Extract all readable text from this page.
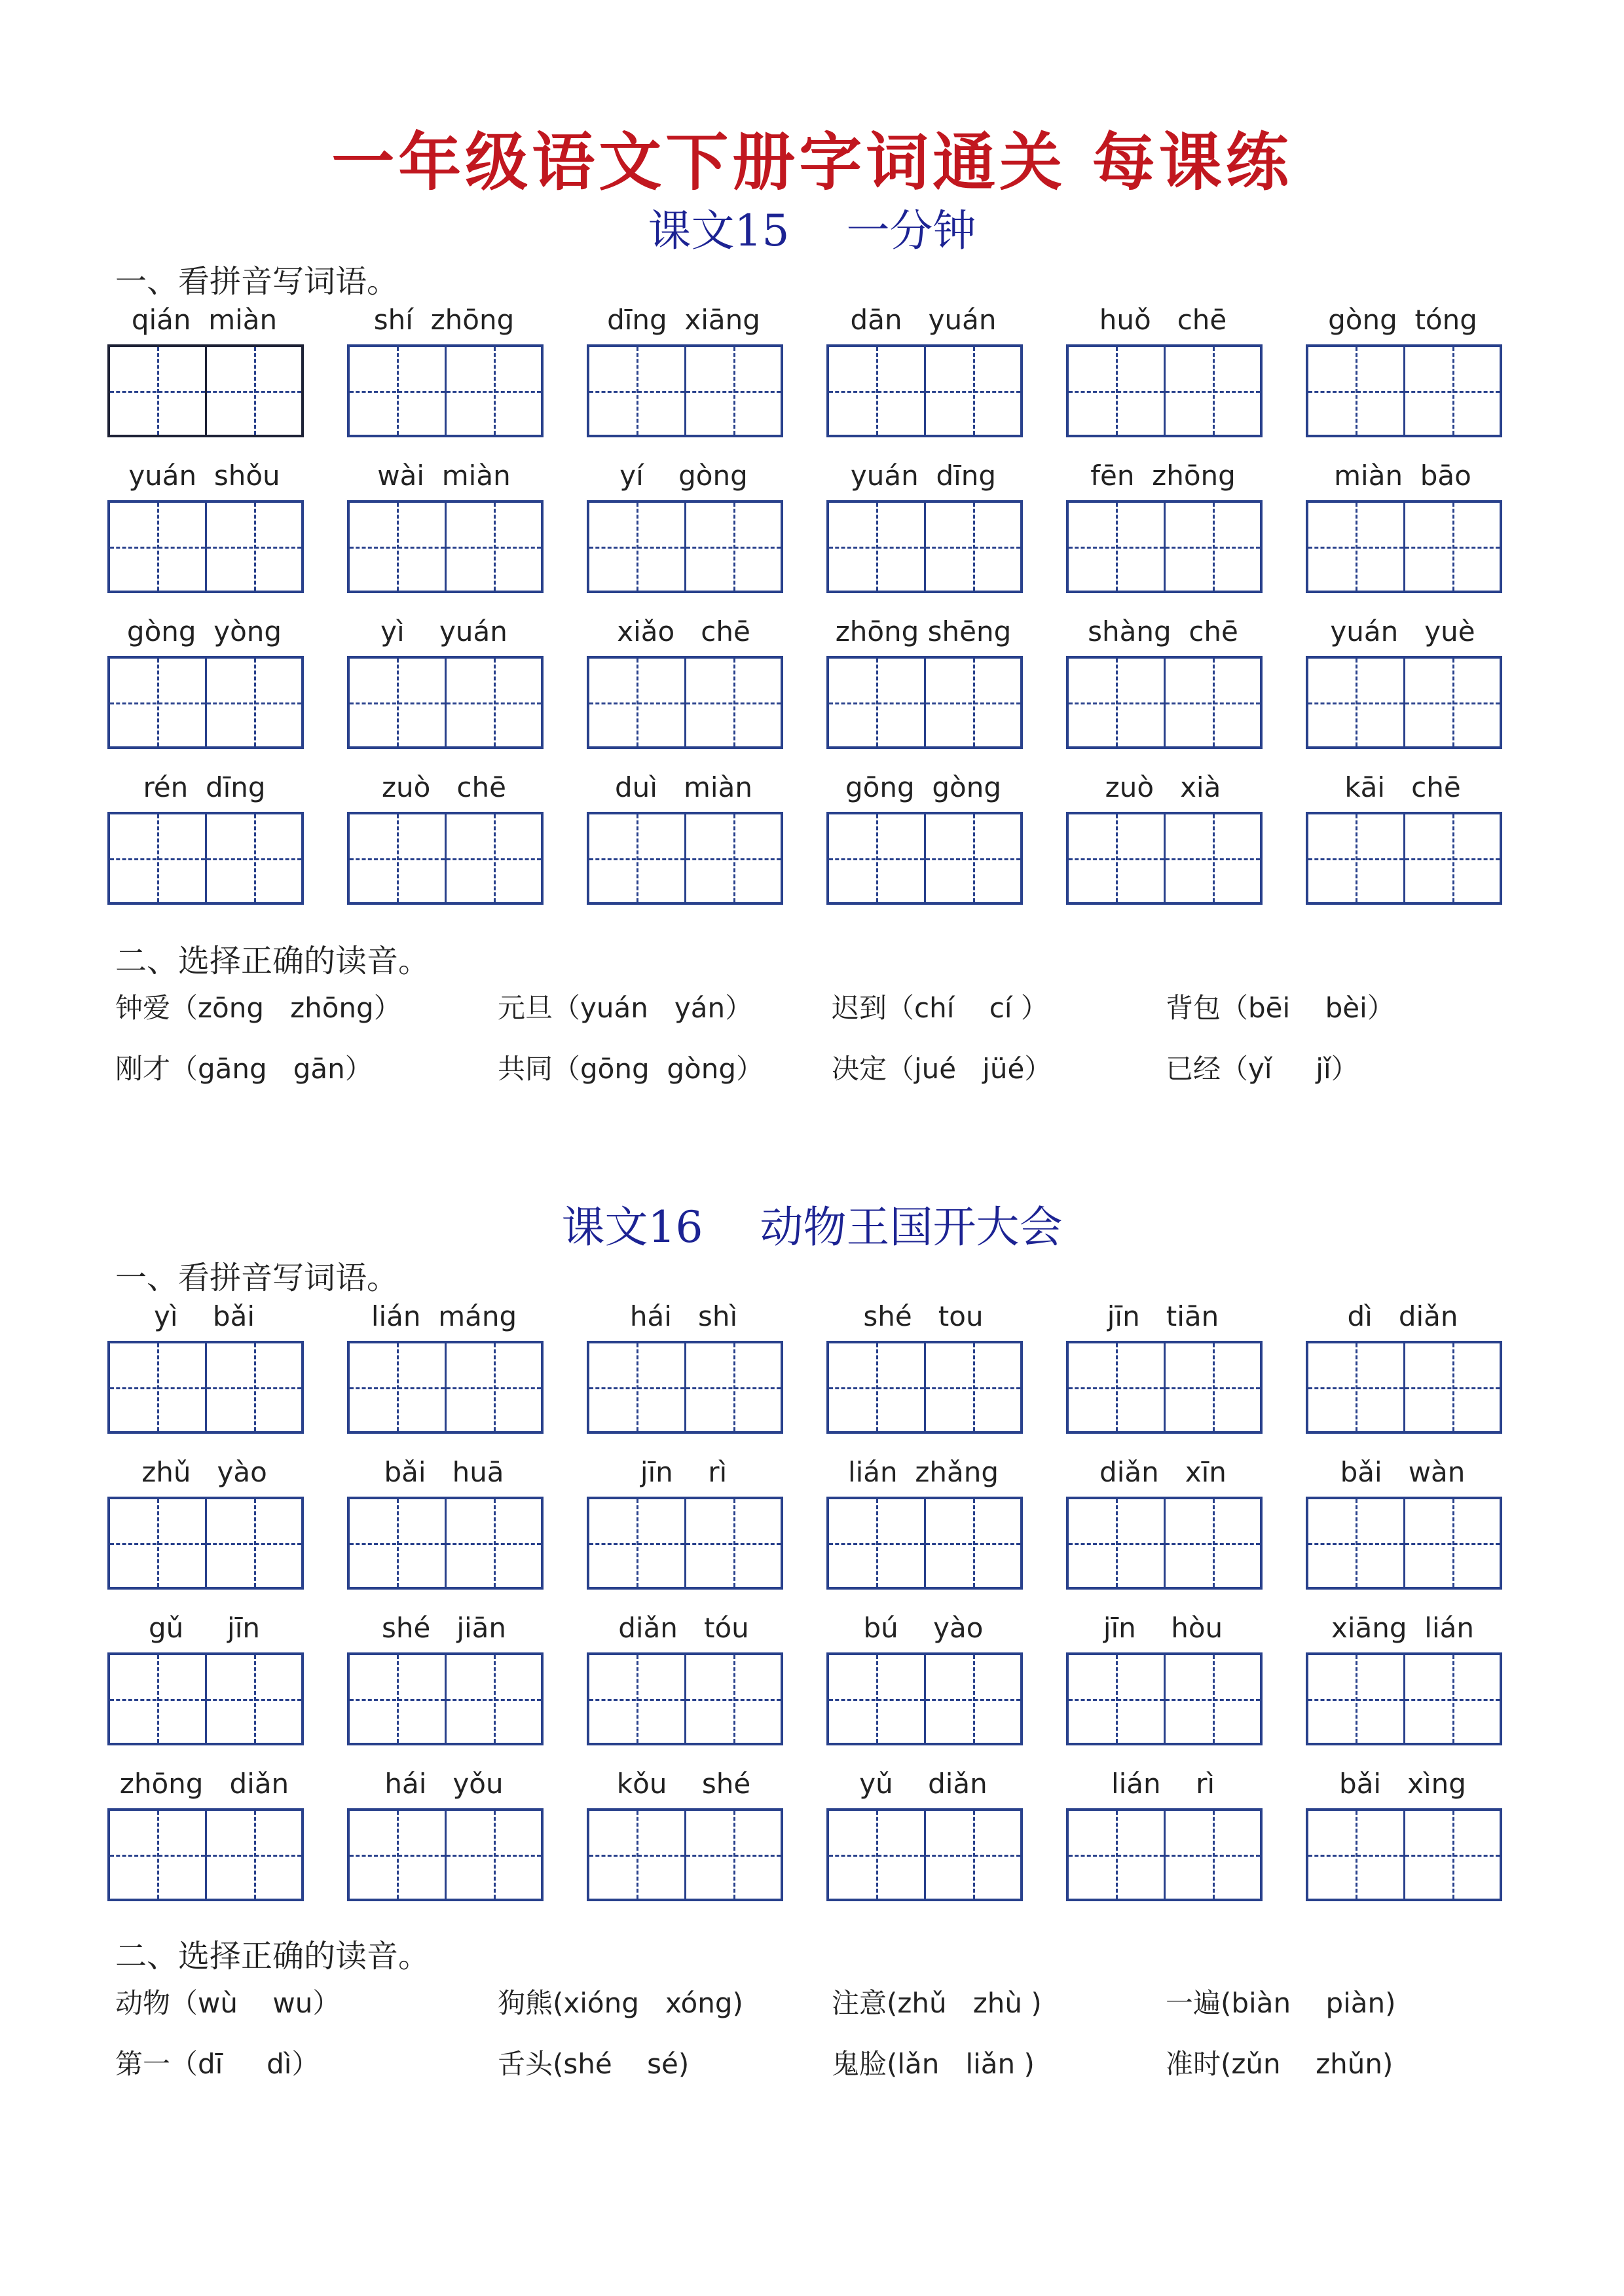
一年级语文下册字词通关 每课练
课文15　 一分钟
一、看拼音写词语。
qián  miàn	shí  zhōng	dīng  xiāng	dān   yuán	huǒ   chē	gòng  tóng
yuán  shǒu	wài  miàn	yí    gòng	yuán  dīng	fēn  zhōng	miàn  bāo
gòng  yòng	yì    yuán	xiǎo   chē	zhōng shēng	shàng  chē	yuán   yuè
rén  dīng	zuò   chē	duì   miàn	gōng  gòng	zuò   xià	kāi   chē
二、选择正确的读音。
钟爱（zōng   zhōng）	元旦（yuán   yán）	迟到（chí    cí ）	背包（bēi    bèi）
刚才（gāng   gān）	共同（gōng  gòng） 决定（jué   jüé）	已经（yǐ     jǐ）
课文16　 动物王国开大会
一、看拼音写词语。
yì    bǎi	lián  máng	hái   shì	shé   tou	jīn   tiān	dì   diǎn
zhǔ   yào	bǎi   huā	jīn    rì	lián  zhǎng	diǎn   xīn	bǎi   wàn
gǔ     jīn	shé   jiān	diǎn   tóu	bú    yào	jīn    hòu	xiāng  lián
zhōng   diǎn	hái   yǒu	kǒu    shé	yǔ    diǎn	lián    rì	bǎi   xìng
二、选择正确的读音。
动物（wù    wu）	狗熊(xióng   xóng)	注意(zhǔ   zhù )	一遍(biàn    piàn)
第一（dī     dì）	舌头(shé    sé)	鬼脸(lǎn   liǎn )	准时(zǔn    zhǔn)
